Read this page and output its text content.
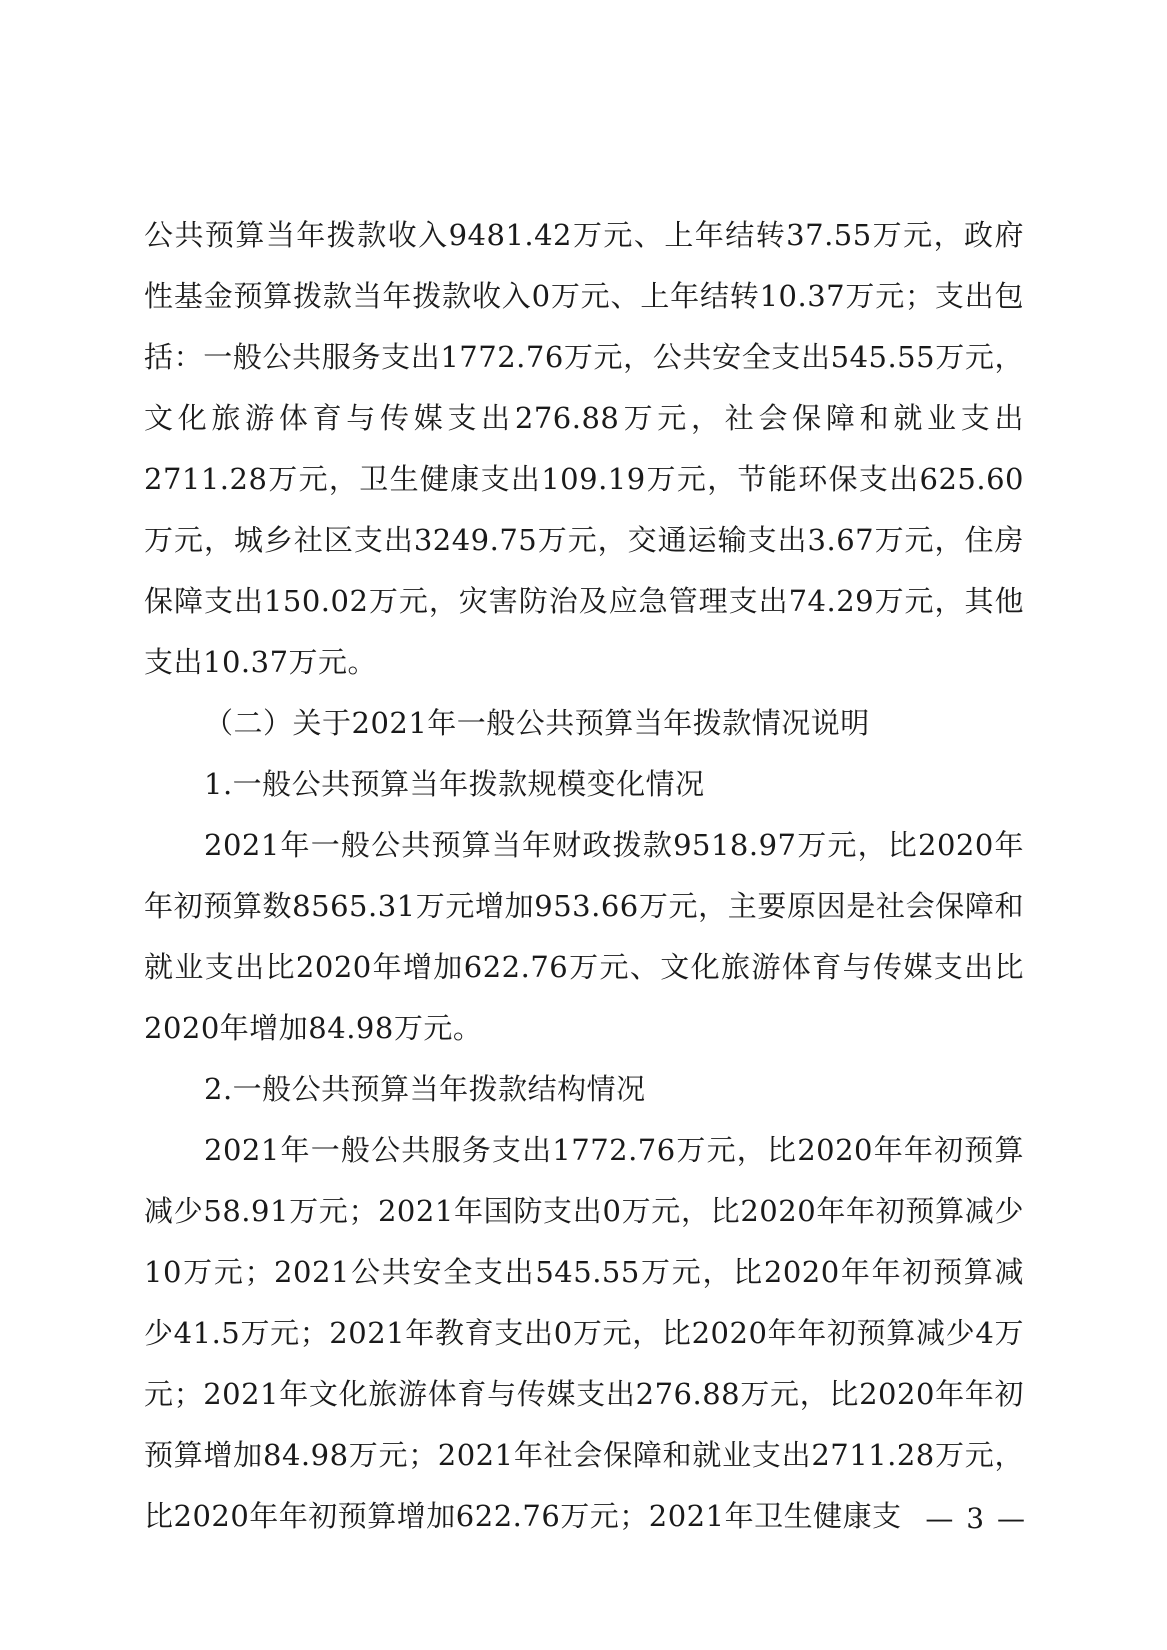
公共预算当年拨款收入9481.42万元、上年结转37.55万元，政府性基金预算拨款当年拨款收入0万元、上年结转10.37万元；支出包括：一般公共服务支出1772.76万元，公共安全支出545.55万元，文化旅游体育与传媒支出276.88万元，社会保障和就业支出2711.28万元，卫生健康支出109.19万元，节能环保支出625.60万元，城乡社区支出3249.75万元，交通运输支出3.67万元，住房保障支出150.02万元，灾害防治及应急管理支出74.29万元，其他支出10.37万元。

（二）关于2021年一般公共预算当年拨款情况说明

1.一般公共预算当年拨款规模变化情况

2021年一般公共预算当年财政拨款9518.97万元，比2020年年初预算数8565.31万元增加953.66万元，主要原因是社会保障和就业支出比2020年增加622.76万元、文化旅游体育与传媒支出比2020年增加84.98万元。

2.一般公共预算当年拨款结构情况

2021年一般公共服务支出1772.76万元，比2020年年初预算减少58.91万元；2021年国防支出0万元，比2020年年初预算减少10万元；2021公共安全支出545.55万元，比2020年年初预算减少41.5万元；2021年教育支出0万元，比2020年年初预算减少4万元；2021年文化旅游体育与传媒支出276.88万元，比2020年年初预算增加84.98万元；2021年社会保障和就业支出2711.28万元，比2020年年初预算增加622.76万元；2021年卫生健康支 — 3 —
